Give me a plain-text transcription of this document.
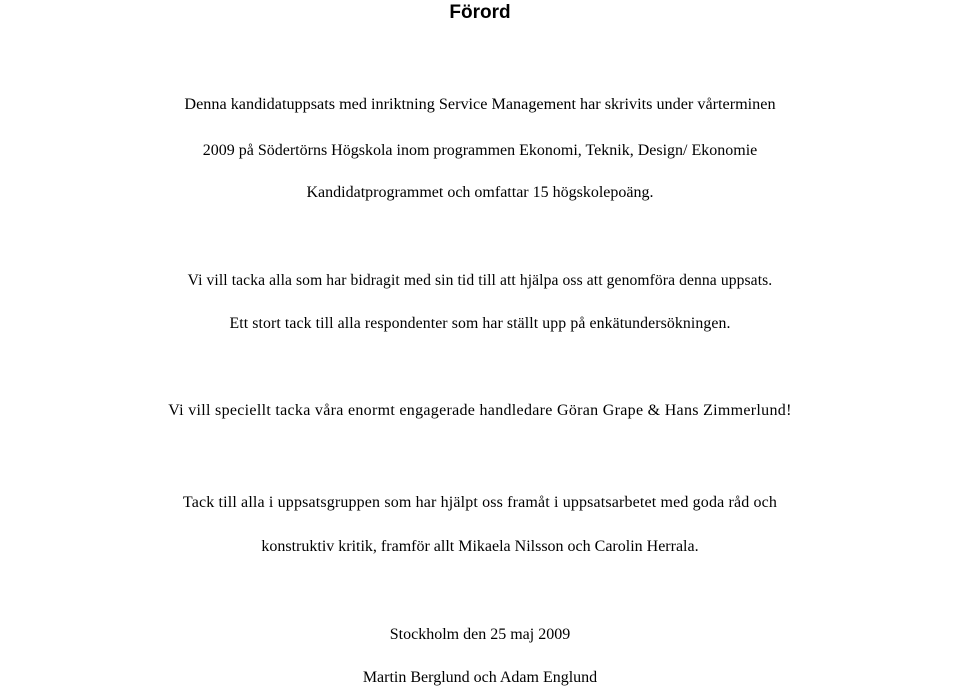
Förord

Denna kandidatuppsats med inriktning Service Management har skrivits under vårterminen

2009 på Södertörns Högskola inom programmen Ekonomi, Teknik, Design/ Ekonomie

Kandidatprogrammet och omfattar 15 högskolepoäng.

Vi vill tacka alla som har bidragit med sin tid till att hjälpa oss att genomföra denna uppsats.

Ett stort tack till alla respondenter som har ställt upp på enkätundersökningen.

Vi vill speciellt tacka våra enormt engagerade handledare Göran Grape & Hans Zimmerlund!

Tack till alla i uppsatsgruppen som har hjälpt oss framåt i uppsatsarbetet med goda råd och

konstruktiv kritik, framför allt Mikaela Nilsson och Carolin Herrala.

Stockholm den 25 maj 2009

Martin Berglund och Adam Englund
